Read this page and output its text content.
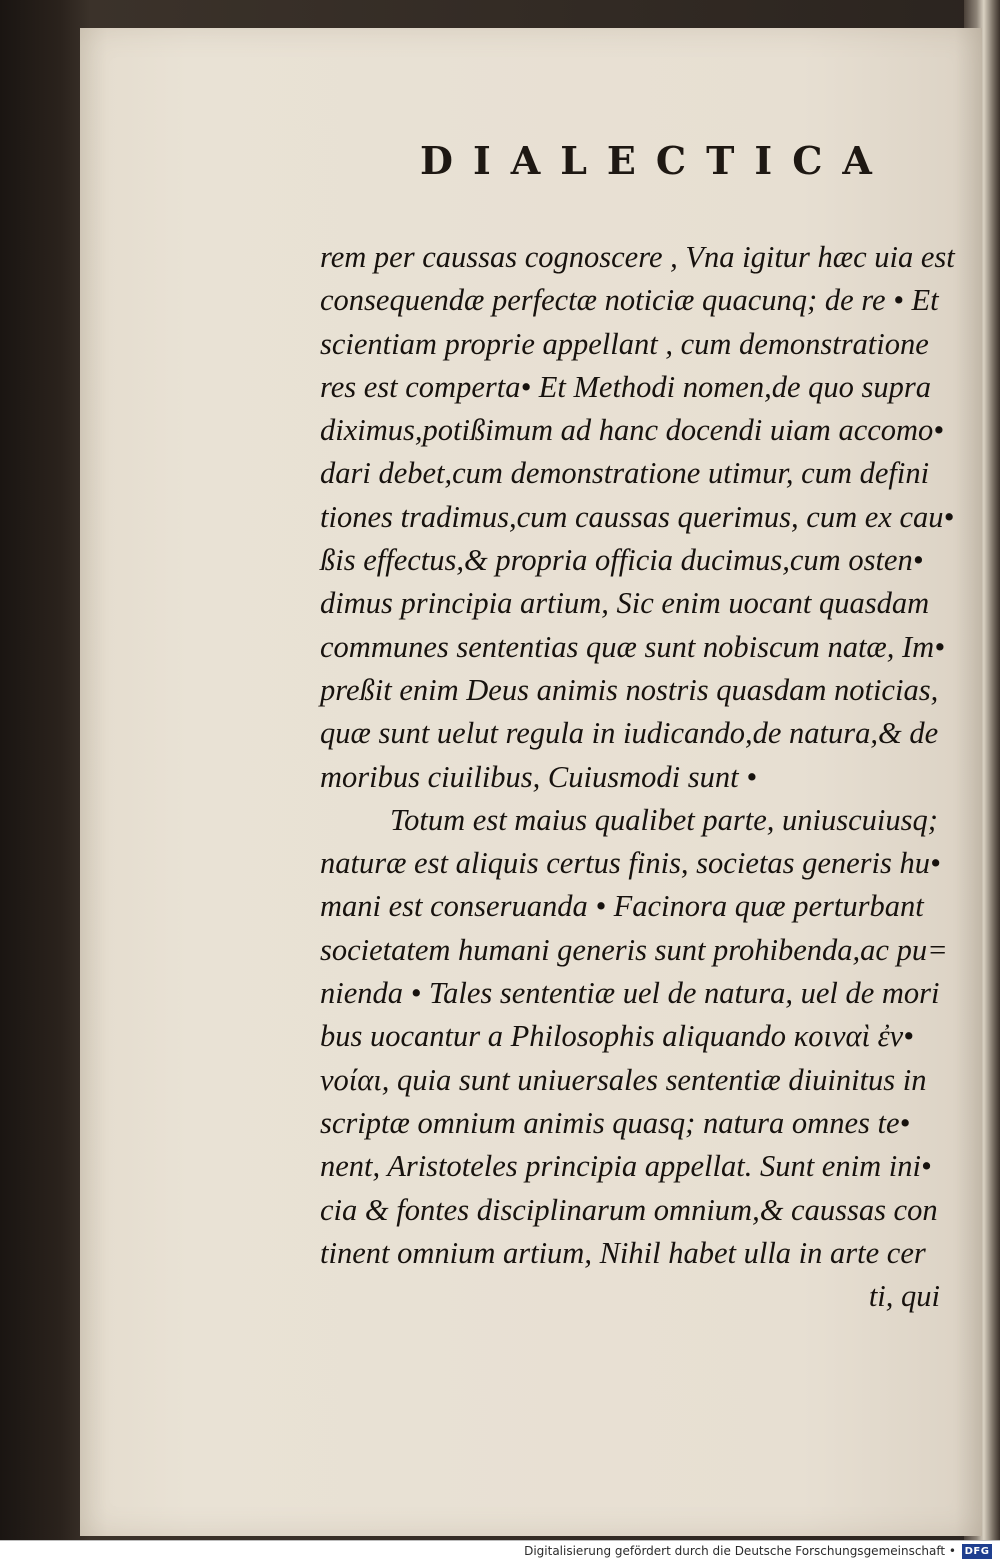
DIALECTICA
rem per caussas cognoscere , Vna igitur hæc uia est
consequendæ perfectæ noticiæ quacunq; de re • Et
scientiam proprie appellant , cum demonstratione
res est comperta• Et Methodi nomen,de quo supra
diximus,potißimum ad hanc docendi uiam accomo•
dari debet,cum demonstratione utimur, cum defini
tiones tradimus,cum caussas querimus, cum ex cau•
ßis effectus,& propria officia ducimus,cum osten•
dimus principia artium, Sic enim uocant quasdam
communes sententias quæ sunt nobiscum natæ, Im•
preßit enim Deus animis nostris quasdam noticias,
quæ sunt uelut regula in iudicando,de natura,& de
moribus ciuilibus, Cuiusmodi sunt •
Totum est maius qualibet parte, uniuscuiusq;
naturæ est aliquis certus finis, societas generis hu•
mani est conseruanda • Facinora quæ perturbant
societatem humani generis sunt prohibenda,ac pu=
nienda • Tales sententiæ uel de natura, uel de mori
bus uocantur a Philosophis aliquando κοιναὶ ἐν•
νοίαι, quia sunt uniuersales sententiæ diuinitus in
scriptæ omnium animis quasq; natura omnes te•
nent, Aristoteles principia appellat. Sunt enim ini•
cia & fontes disciplinarum omnium,& caussas con
tinent omnium artium, Nihil habet ulla in arte cer
ti, qui
Digitalisierung gefördert durch die Deutsche Forschungsgemeinschaft • DFG
